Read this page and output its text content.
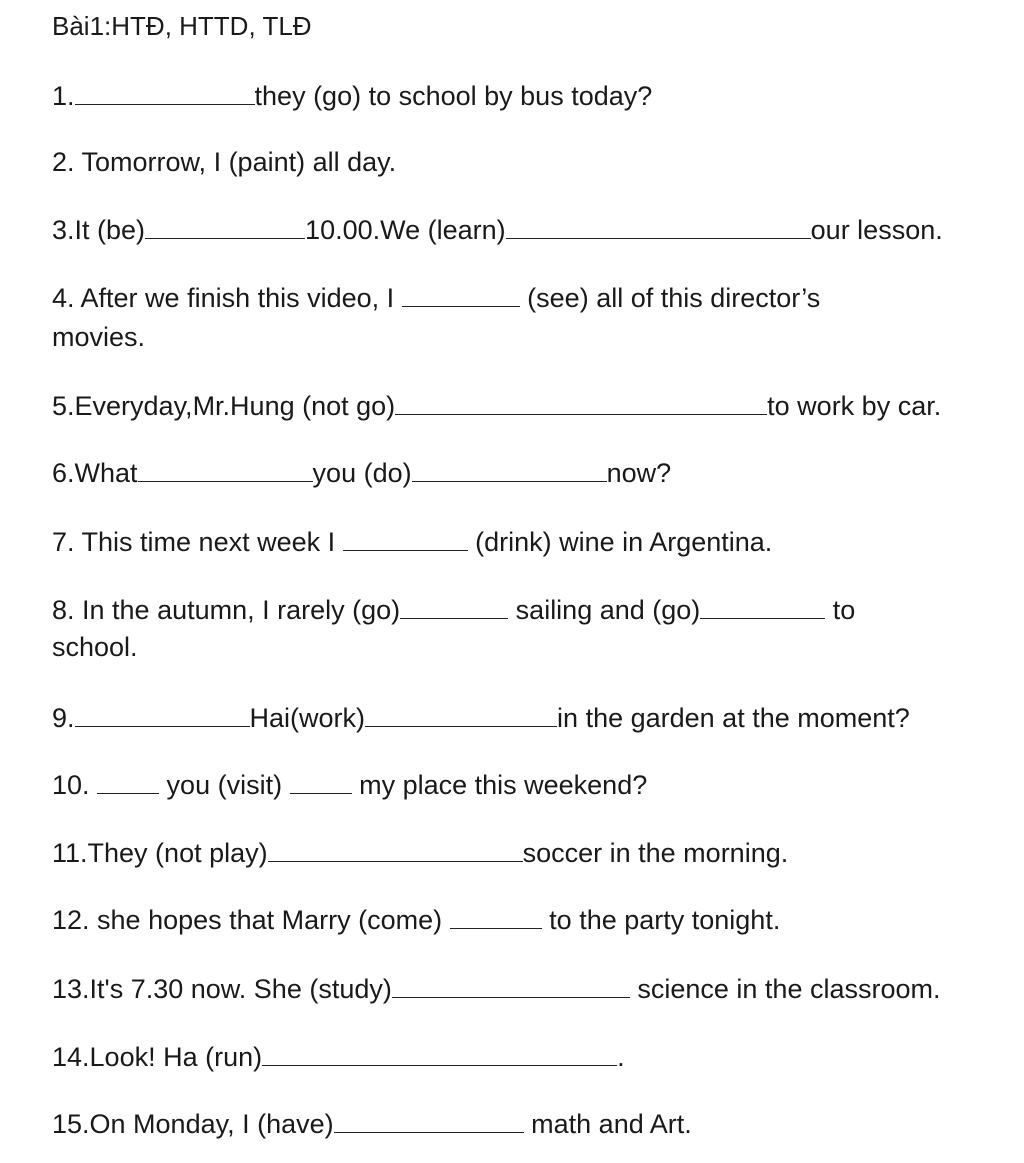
Bài1:HTĐ, HTTD, TLĐ
1.	they (go) to school by bus today?
2. Tomorrow, I (paint) all day.
3.It (be)	10.00.We (learn)	our lesson.
4. After we finish this video, I	(see) all of this director’s
movies.
5.Everyday,Mr.Hung (not go)	to work by car.
6.What	you (do)	now?
7. This time next week I	(drink) wine in Argentina.
8. In the autumn, I rarely (go)	sailing and (go)	to
school.
9.	Hai(work)	in the garden at the moment?
10.  you (visit)  my place this weekend?
11.They (not play)	soccer in the morning.
12. she hopes that Marry (come)	to the party tonight.
13.It's 7.30 now. She (study)	science in the classroom.
14.Look! Ha (run)	.
15.On Monday, I (have)	math and Art.
